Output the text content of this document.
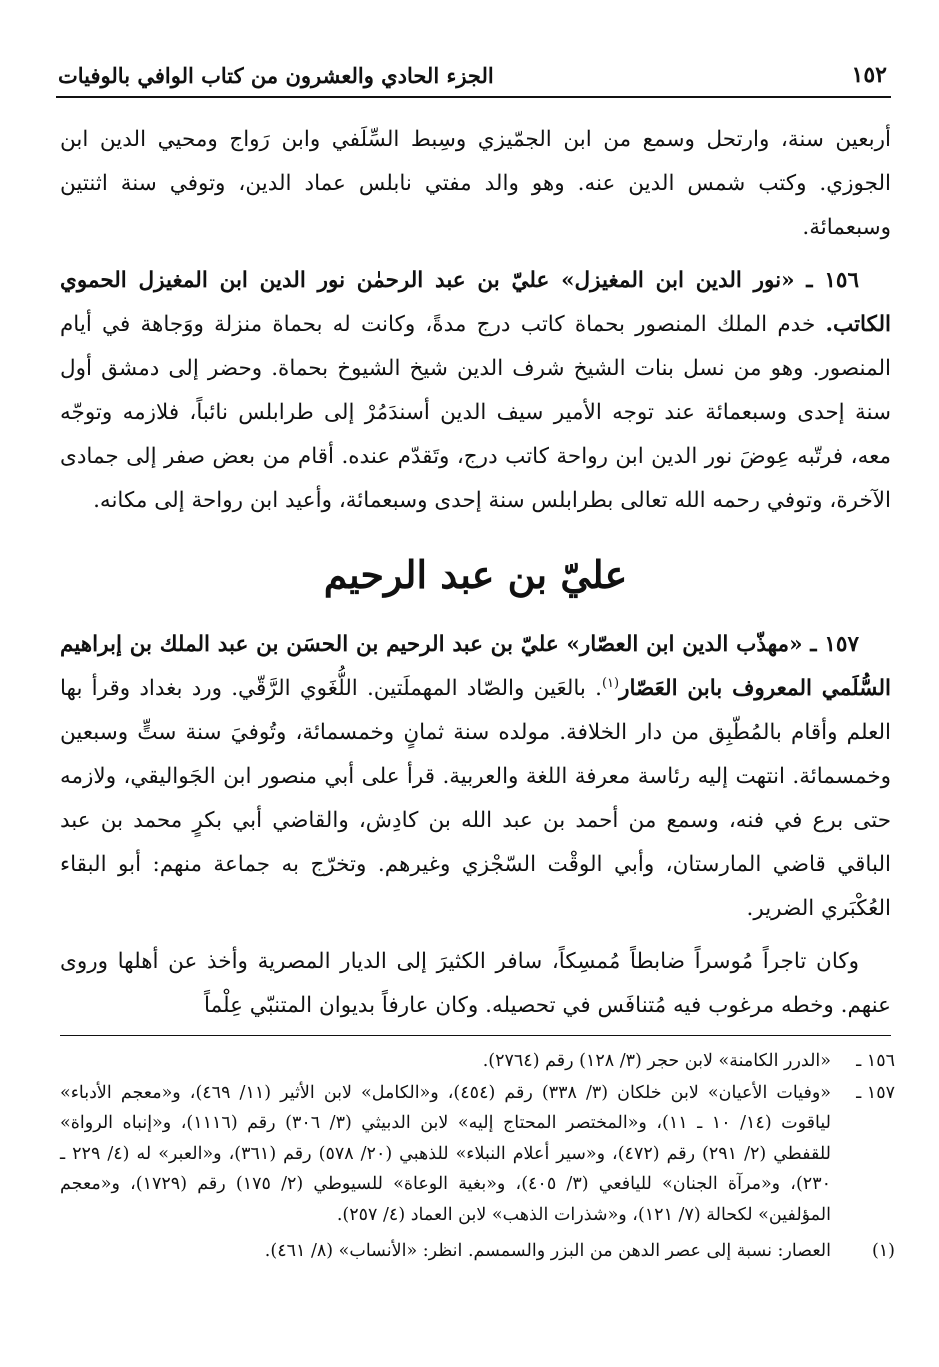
١٥٢
الجزء الحادي والعشرون من كتاب الوافي بالوفيات

أربعين سنة، وارتحل وسمع من ابن الجمّيزي وسِبط السِّلَفي وابن رَواج ومحيي الدين ابن الجوزي. وكتب شمس الدين عنه. وهو والد مفتي نابلس عماد الدين، وتوفي سنة اثنتين وسبعمائة.

١٥٦ ـ «نور الدين ابن المغيزل» عليّ بن عبد الرحمٰن نور الدين ابن المغيزل الحموي الكاتب. خدم الملك المنصور بحماة كاتب درج مدةً، وكانت له بحماة منزلة ووَجاهة في أيام المنصور. وهو من نسل بنات الشيخ شرف الدين شيخ الشيوخ بحماة. وحضر إلى دمشق أول سنة إحدى وسبعمائة عند توجه الأمير سيف الدين أسندَمُرْ إلى طرابلس نائباً، فلازمه وتوجّه معه، فرتّبه عِوضَ نور الدين ابن رواحة كاتب درج، وتَقدّم عنده. أقام من بعض صفر إلى جمادى الآخرة، وتوفي رحمه الله تعالى بطرابلس سنة إحدى وسبعمائة، وأعيد ابن رواحة إلى مكانه.

عليّ بن عبد الرحيم

١٥٧ ـ «مهذّب الدين ابن العصّار» عليّ بن عبد الرحيم بن الحسَن بن عبد الملك بن إبراهيم السُّلَمي المعروف بابن العَصّار$^{(١)}$. بالعَين والصّاد المهملَتين. اللُّغَوي الرَّقّي. ورد بغداد وقرأ بها العلم وأقام بالمُطّبِق من دار الخلافة. مولده سنة ثمانٍ وخمسمائة، وتُوفيَ سنة ستٍّ وسبعين وخمسمائة. انتهت إليه رئاسة معرفة اللغة والعربية. قرأ على أبي منصور ابن الجَواليقي، ولازمه حتى برع في فنه، وسمع من أحمد بن عبد الله بن كادِش، والقاضي أبي بكرٍ محمد بن عبد الباقي قاضي المارستان، وأبي الوقْت السّجْزي وغيرهم. وتخرّج به جماعة منهم: أبو البقاء العُكْبَري الضرير.

وكان تاجراً مُوسراً ضابطاً مُمسِكاً، سافر الكثيرَ إلى الديار المصرية وأخذ عن أهلها وروى عنهم. وخطه مرغوب فيه مُتنافَس في تحصيله. وكان عارفاً بديوان المتنبّي عِلْماً

١٥٦ ـ
«الدرر الكامنة» لابن حجر (٣/ ١٢٨) رقم (٢٧٦٤).
١٥٧ ـ
«وفيات الأعيان» لابن خلكان (٣/ ٣٣٨) رقم (٤٥٤)، و«الكامل» لابن الأثير (١١/ ٤٦٩)، و«معجم الأدباء» لياقوت (١٤/ ١٠ ـ ١١)، و«المختصر المحتاج إليه» لابن الدبيثي (٣/ ٣٠٦) رقم (١١١٦)، و«إنباه الرواة» للقفطي (٢/ ٢٩١) رقم (٤٧٢)، و«سير أعلام النبلاء» للذهبي (٢٠/ ٥٧٨) رقم (٣٦١)، و«العبر» له (٤/ ٢٢٩ ـ ٢٣٠)، و«مرآة الجنان» لليافعي (٣/ ٤٠٥)، و«بغية الوعاة» للسيوطي (٢/ ١٧٥) رقم (١٧٢٩)، و«معجم المؤلفين» لكحالة (٧/ ١٢١)، و«شذرات الذهب» لابن العماد (٤/ ٢٥٧).
(١)
العصار: نسبة إلى عصر الدهن من البزر والسمسم. انظر: «الأنساب» (٨/ ٤٦١).
